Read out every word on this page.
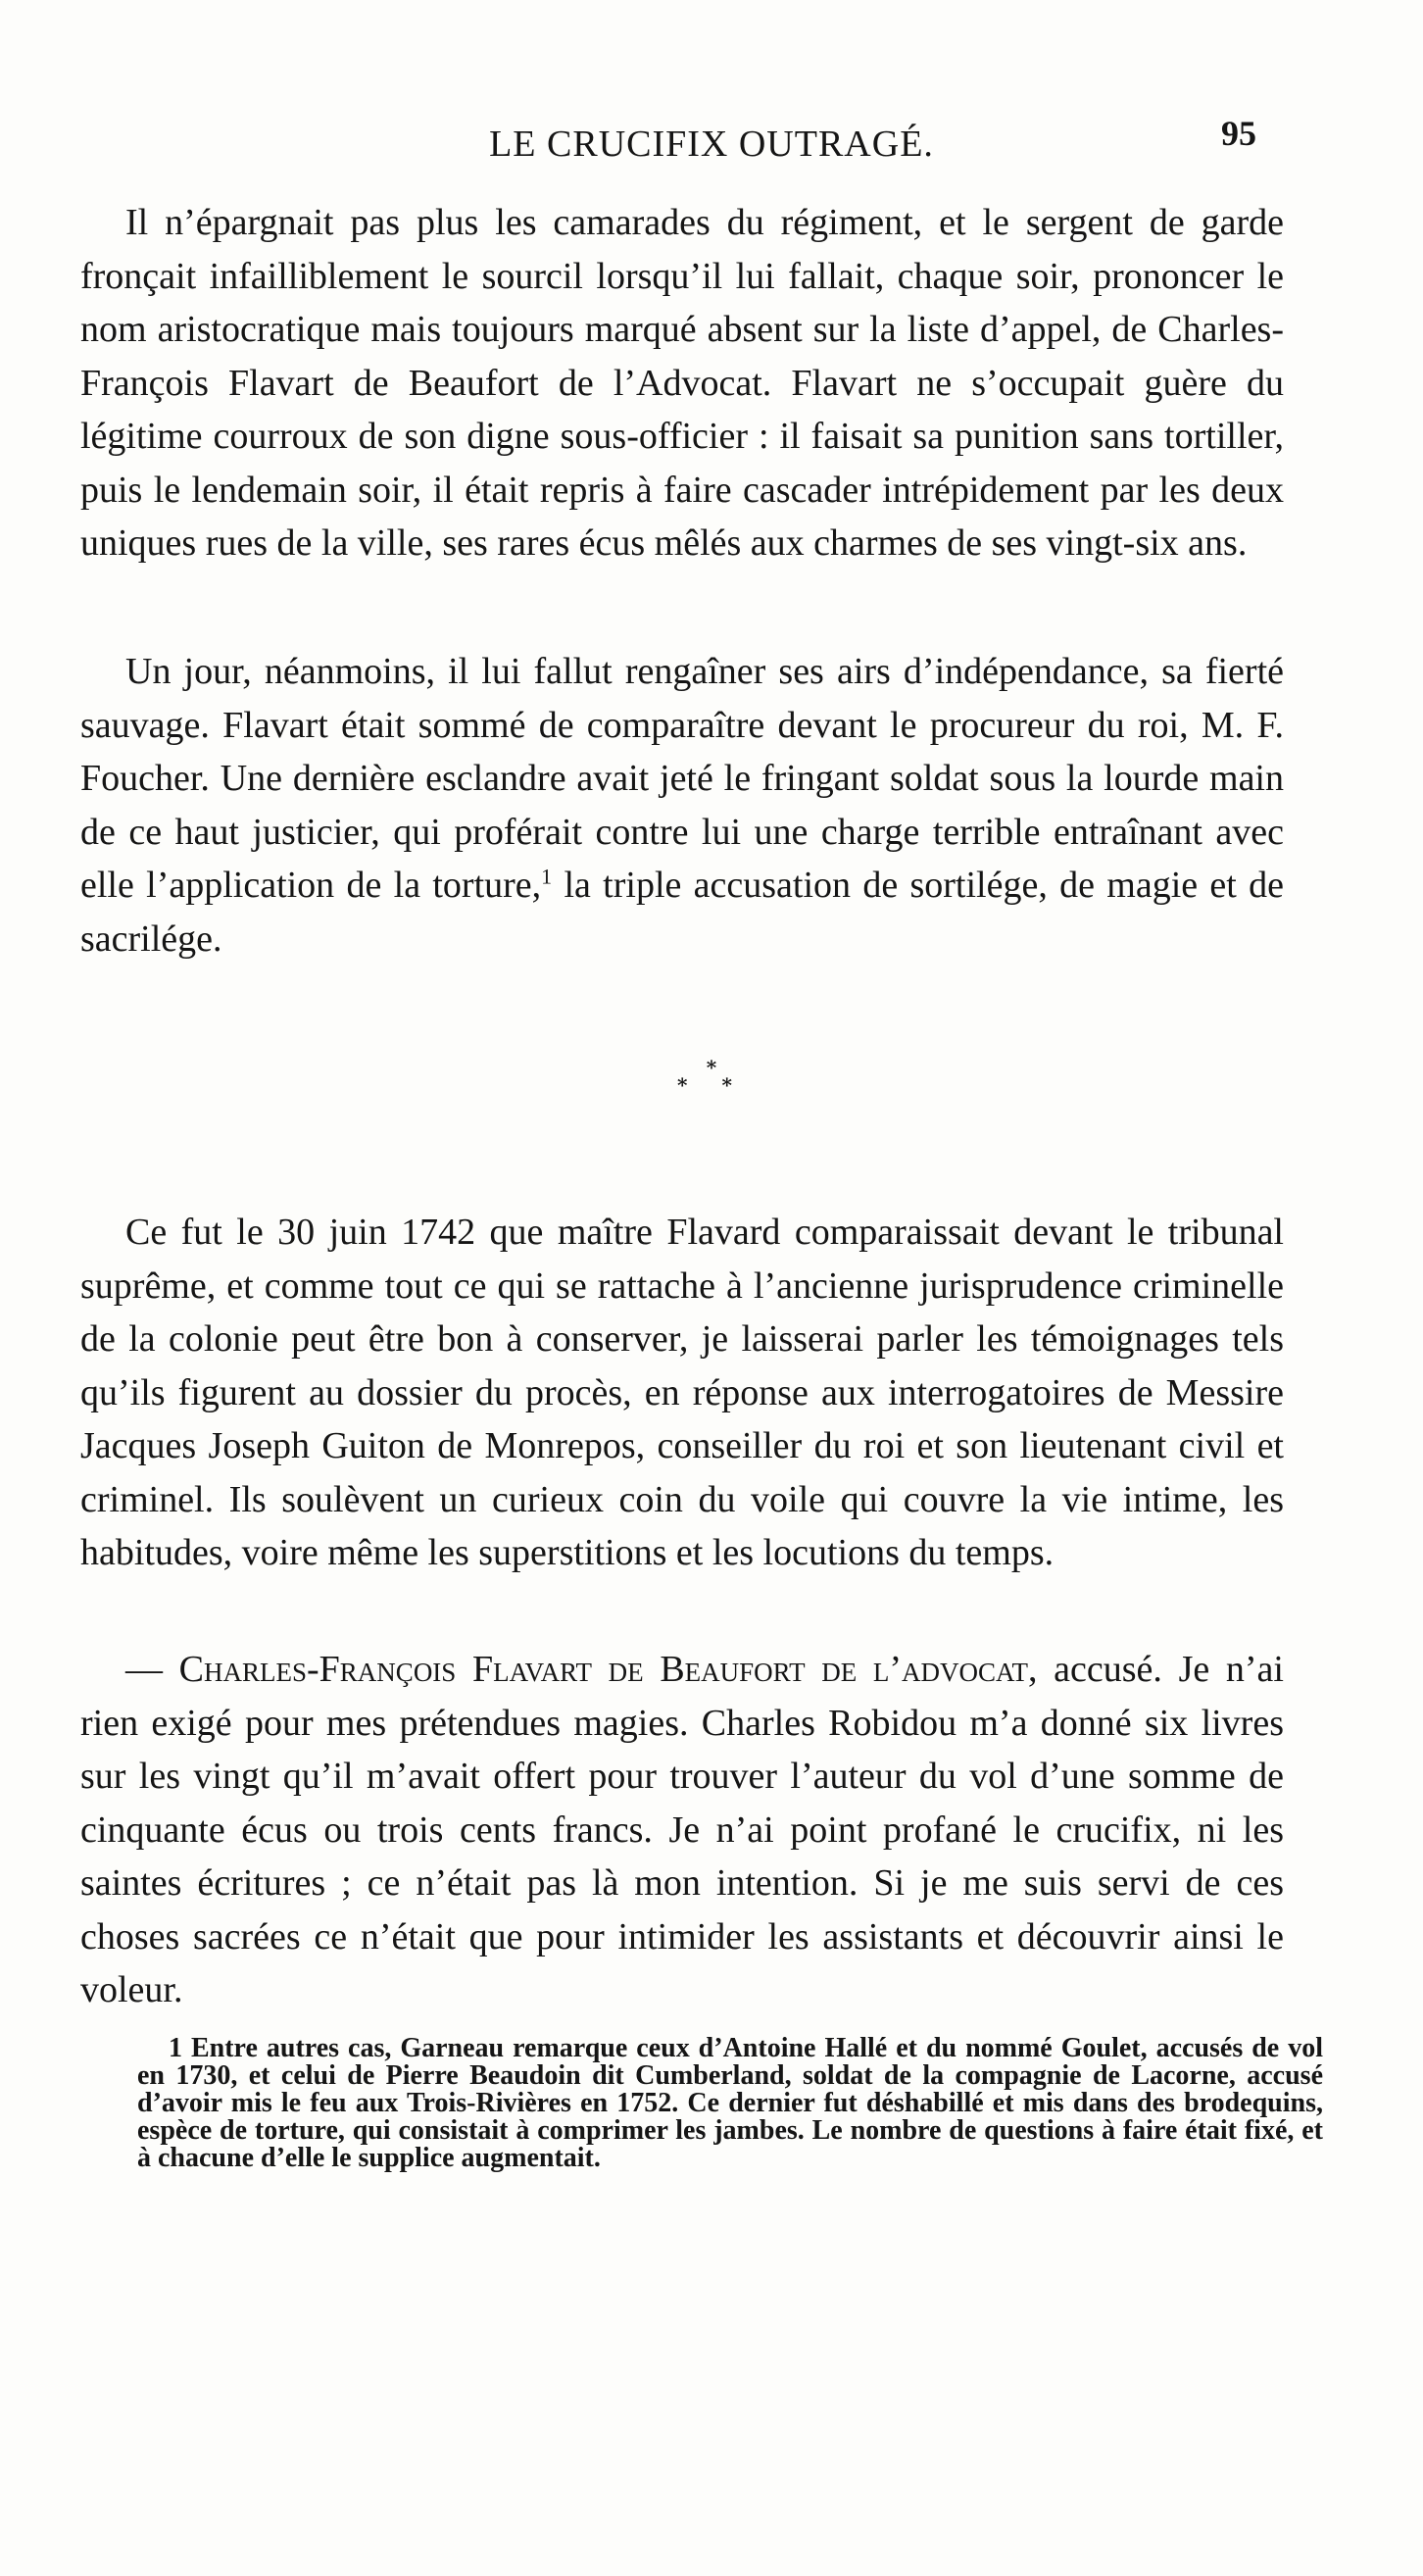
LE CRUCIFIX OUTRAGÉ.	95

Il n’épargnait pas plus les camarades du régiment, et le sergent de garde fronçait infailliblement le sourcil lorsqu’il lui fallait, chaque soir, prononcer le nom aristocratique mais toujours marqué absent sur la liste d’appel, de Charles-François Flavart de Beaufort de l’Advocat. Flavart ne s’occupait guère du légitime courroux de son digne sous-officier : il faisait sa punition sans tortiller, puis le lendemain soir, il était repris à faire cascader intrépidement par les deux uniques rues de la ville, ses rares écus mêlés aux charmes de ses vingt-six ans.

Un jour, néanmoins, il lui fallut rengaîner ses airs d’indépendance, sa fierté sauvage. Flavart était sommé de comparaître devant le procureur du roi, M. F. Foucher. Une dernière esclandre avait jeté le fringant soldat sous la lourde main de ce haut justicier, qui proférait contre lui une charge terrible entraînant avec elle l’application de la torture,$^1$ la triple accusation de sortilége, de magie et de sacrilége.

*
* *

Ce fut le 30 juin 1742 que maître Flavard comparaissait devant le tribunal suprême, et comme tout ce qui se rattache à l’ancienne jurisprudence criminelle de la colonie peut être bon à conserver, je laisserai parler les témoignages tels qu’ils figurent au dossier du procès, en réponse aux interrogatoires de Messire Jacques Joseph Guiton de Monrepos, conseiller du roi et son lieutenant civil et criminel. Ils soulèvent un curieux coin du voile qui couvre la vie intime, les habitudes, voire même les superstitions et les locutions du temps.

— Charles-François Flavart de Beaufort de l’advocat, accusé. Je n’ai rien exigé pour mes prétendues magies. Charles Robidou m’a donné six livres sur les vingt qu’il m’avait offert pour trouver l’auteur du vol d’une somme de cinquante écus ou trois cents francs. Je n’ai point profané le crucifix, ni les saintes écritures ; ce n’était pas là mon intention. Si je me suis servi de ces choses sacrées ce n’était que pour intimider les assistants et découvrir ainsi le voleur.

1 Entre autres cas, Garneau remarque ceux d’Antoine Hallé et du nommé Goulet, accusés de vol en 1730, et celui de Pierre Beaudoin dit Cumberland, soldat de la compagnie de Lacorne, accusé d’avoir mis le feu aux Trois-Rivières en 1752. Ce dernier fut déshabillé et mis dans des brodequins, espèce de torture, qui consistait à comprimer les jambes. Le nombre de questions à faire était fixé, et à chacune d’elle le supplice augmentait.
